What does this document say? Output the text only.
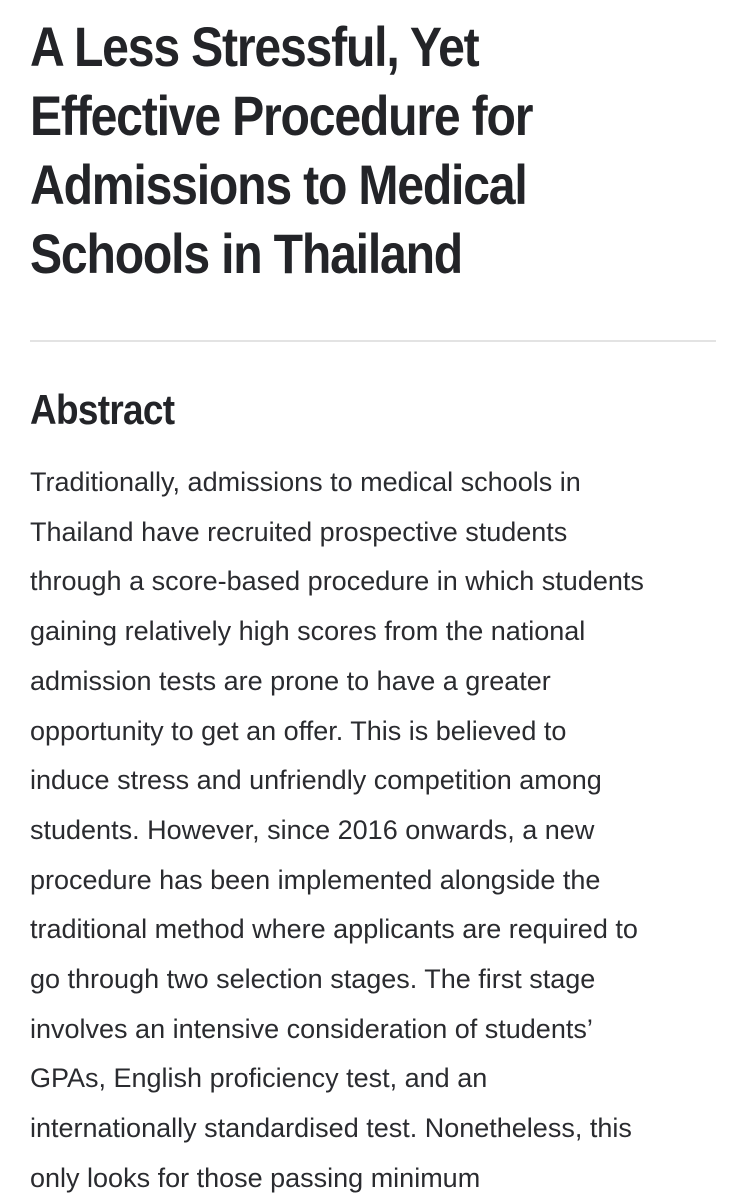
A Less Stressful, Yet
Effective Procedure for
Admissions to Medical
Schools in Thailand
Abstract

Traditionally, admissions to medical schools in
Thailand have recruited prospective students
through a score-based procedure in which students
gaining relatively high scores from the national
admission tests are prone to have a greater
opportunity to get an offer. This is believed to
induce stress and unfriendly competition among
students. However, since 2016 onwards, a new
procedure has been implemented alongside the
traditional method where applicants are required to
go through two selection stages. The first stage
involves an intensive consideration of students’
GPAs, English proficiency test, and an
internationally standardised test. Nonetheless, this
only looks for those passing minimum
